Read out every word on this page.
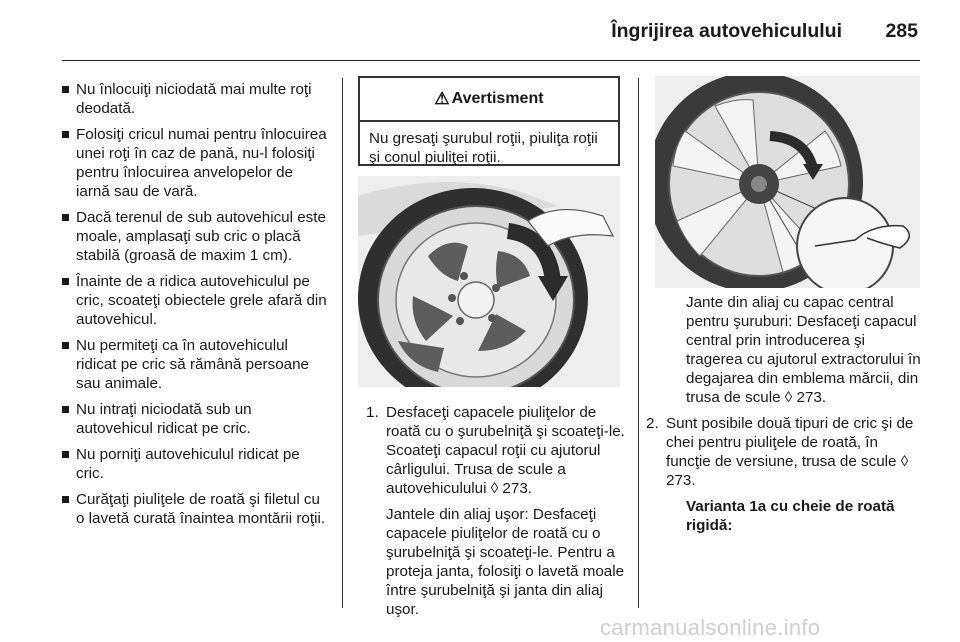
Îngrijirea autovehiculului 285
Nu înlocuiţi niciodată mai multe roţi deodată.
Folosiţi cricul numai pentru înlocuirea unei roţi în caz de pană, nu-l folosiţi pentru înlocuirea anvelopelor de iarnă sau de vară.
Dacă terenul de sub autovehicul este moale, amplasaţi sub cric o placă stabilă (groasă de maxim 1 cm).
Înainte de a ridica autovehiculul pe cric, scoateţi obiectele grele afară din autovehicul.
Nu permiteţi ca în autovehiculul ridicat pe cric să rămână persoane sau animale.
Nu intraţi niciodată sub un autovehicul ridicat pe cric.
Nu porniţi autovehiculul ridicat pe cric.
Curăţaţi piuliţele de roată şi filetul cu o lavetă curată înaintea montării roţii.
⚠ Avertisment
Nu gresaţi şurubul roţii, piuliţa roţii şi conul piuliţei roţii.
1. Desfaceţi capacele piuliţelor de roată cu o şurubelniţă şi scoateţi-le. Scoateţi capacul roţii cu ajutorul cârligului. Trusa de scule a autovehiculului ◊ 273.
Jantele din aliaj uşor: Desfaceţi capacele piuliţelor de roată cu o şurubelniţă şi scoateţi-le. Pentru a proteja janta, folosiţi o lavetă moale între şurubelniţă şi janta din aliaj uşor.
Jante din aliaj cu capac central pentru şuruburi: Desfaceţi capacul central prin introducerea şi tragerea cu ajutorul extractorului în degajarea din emblema mărcii, din trusa de scule ◊ 273.
2. Sunt posibile două tipuri de cric şi de chei pentru piuliţele de roată, în funcţie de versiune, trusa de scule ◊ 273.
Varianta 1a cu cheie de roată rigidă:
carmanualsonline.info
